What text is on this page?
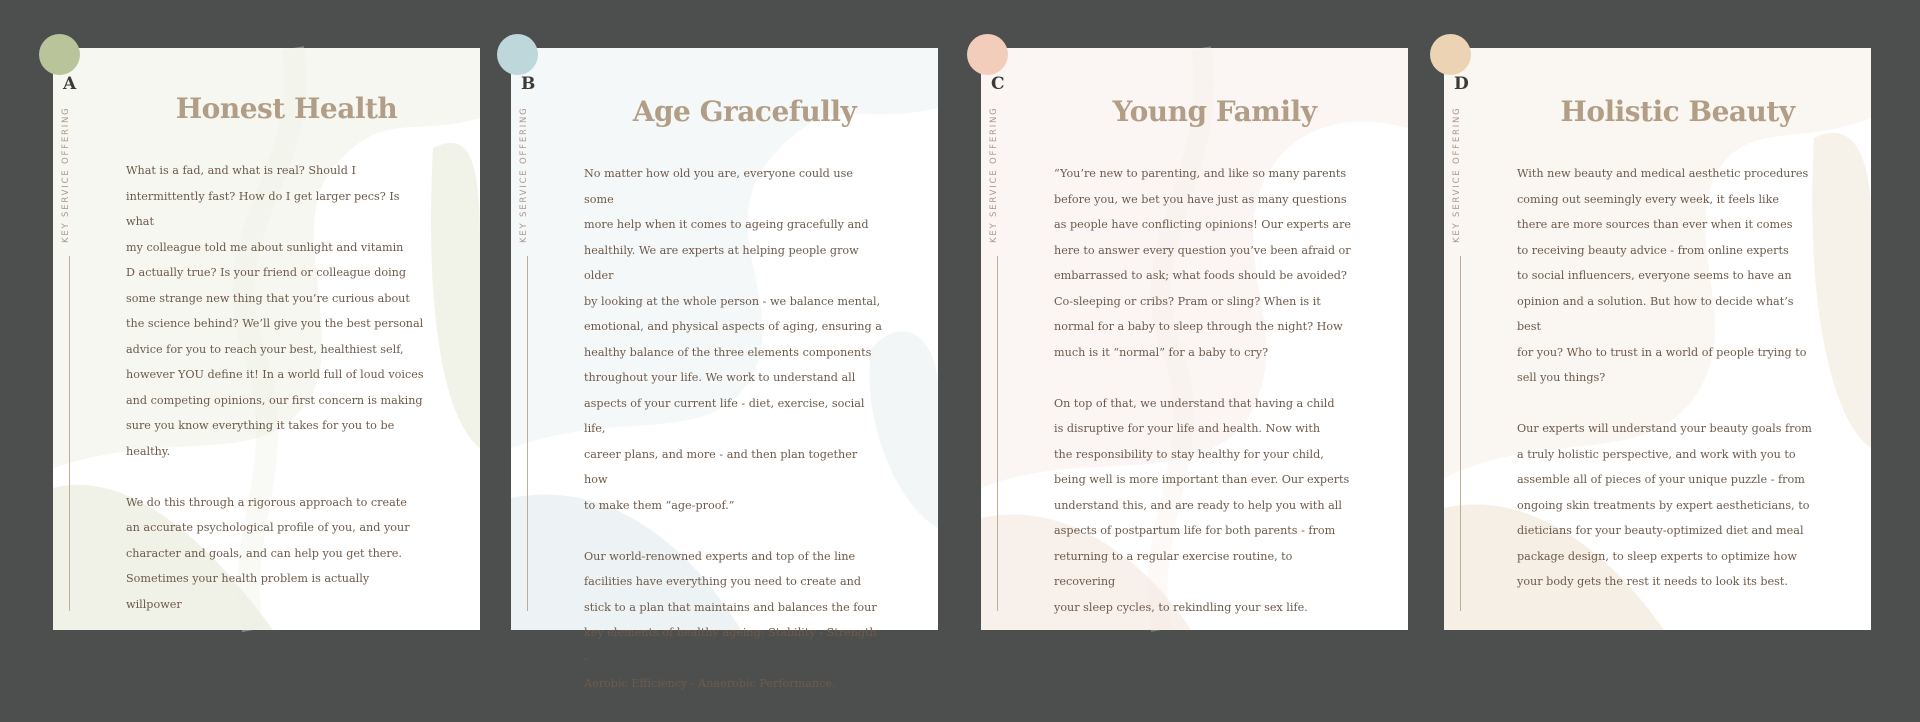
A
KEY SERVICE OFFERING	Honest Health

What is a fad, and what is real? Should I
intermittently fast? How do I get larger pecs? Is what
my colleague told me about sunlight and vitamin
D actually true? Is your friend or colleague doing
some strange new thing that you’re curious about
the science behind? We’ll give you the best personal
advice for you to reach your best, healthiest self,
however YOU define it! In a world full of loud voices
and competing opinions, our first concern is making
sure you know everything it takes for you to be
healthy.

We do this through a rigorous approach to create
an accurate psychological profile of you, and your
character and goals, and can help you get there.
Sometimes your health problem is actually willpower

B
KEY SERVICE OFFERING	Age Gracefully

No matter how old you are, everyone could use some
more help when it comes to ageing gracefully and
healthily. We are experts at helping people grow older
by looking at the whole person - we balance mental,
emotional, and physical aspects of aging, ensuring a
healthy balance of the three elements components
throughout your life. We work to understand all
aspects of your current life - diet, exercise, social life,
career plans, and more - and then plan together how
to make them “age-proof.”

Our world-renowned experts and top of the line
facilities have everything you need to create and
stick to a plan that maintains and balances the four
key elements of healthy ageing: Stability - Strength -
Aerobic Efficiency - Anaerobic Performance.

C
KEY SERVICE OFFERING	Young Family

“You’re new to parenting, and like so many parents
before you, we bet you have just as many questions
as people have conflicting opinions! Our experts are
here to answer every question you’ve been afraid or
embarrassed to ask; what foods should be avoided?
Co-sleeping or cribs? Pram or sling? When is it
normal for a baby to sleep through the night? How
much is it “normal” for a baby to cry?

On top of that, we understand that having a child
is disruptive for your life and health. Now with
the responsibility to stay healthy for your child,
being well is more important than ever. Our experts
understand this, and are ready to help you with all
aspects of postpartum life for both parents - from
returning to a regular exercise routine, to recovering
your sleep cycles, to rekindling your sex life.

D
KEY SERVICE OFFERING	Holistic Beauty

With new beauty and medical aesthetic procedures
coming out seemingly every week, it feels like
there are more sources than ever when it comes
to receiving beauty advice - from online experts
to social influencers, everyone seems to have an
opinion and a solution. But how to decide what’s best
for you? Who to trust in a world of people trying to
sell you things?

Our experts will understand your beauty goals from
a truly holistic perspective, and work with you to
assemble all of pieces of your unique puzzle - from
ongoing skin treatments by expert aestheticians, to
dieticians for your beauty-optimized diet and meal
package design, to sleep experts to optimize how
your body gets the rest it needs to look its best.
